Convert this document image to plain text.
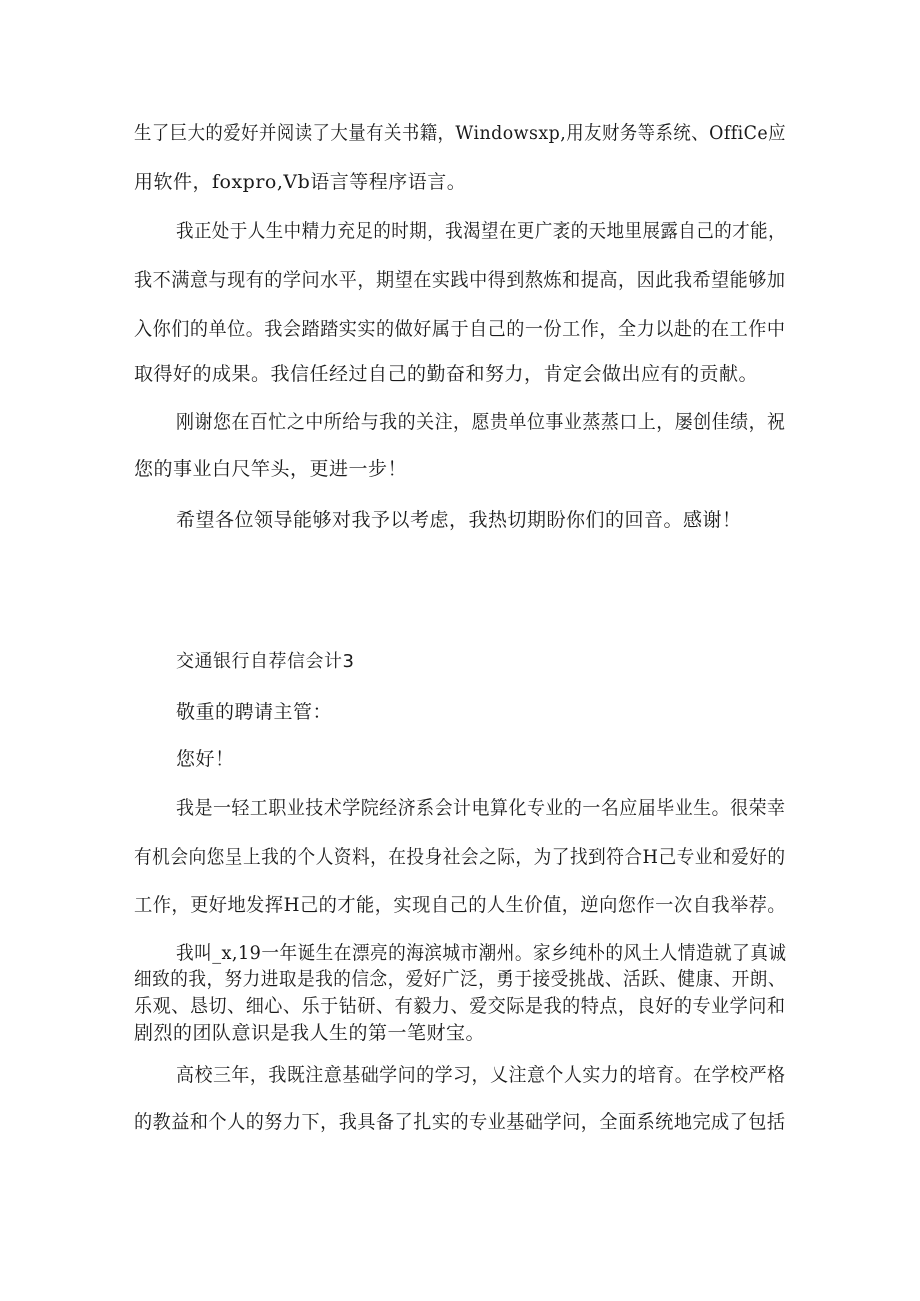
生了巨大的爱好并阅读了大量有关书籍，Windowsxp,用友财务等系统、OffiCe应
用软件，foxpro,Vb语言等程序语言。
我正处于人生中精力充足的时期，我渴望在更广袤的天地里展露自己的才能，
我不满意与现有的学问水平，期望在实践中得到熬炼和提高，因此我希望能够加
入你们的单位。我会踏踏实实的做好属于自己的一份工作，全力以赴的在工作中
取得好的成果。我信任经过自己的勤奋和努力，肯定会做出应有的贡献。
刚谢您在百忙之中所给与我的关注，愿贵单位事业蒸蒸口上，屡创佳绩，祝
您的事业白尺竿头，更进一步！
希望各位领导能够对我予以考虑，我热切期盼你们的回音。感谢！
交通银行自荐信会计3
敬重的聘请主管：
您好！
我是一轻工职业技术学院经济系会计电算化专业的一名应届毕业生。很荣幸
有机会向您呈上我的个人资料，在投身社会之际，为了找到符合H己专业和爱好的
工作，更好地发挥H己的才能，实现自己的人生价值，逆向您作一次自我举荐。
我叫_x,19一年诞生在漂亮的海滨城市潮州。家乡纯朴的风土人情造就了真诚
细致的我，努力进取是我的信念，爱好广泛，勇于接受挑战、活跃、健康、开朗、
乐观、恳切、细心、乐于钻研、有毅力、爱交际是我的特点，良好的专业学问和
剧烈的团队意识是我人生的第一笔财宝。
高校三年，我既注意基础学问的学习，乂注意个人实力的培育。在学校严格
的教益和个人的努力下，我具备了扎实的专业基础学问，全面系统地完成了包括
